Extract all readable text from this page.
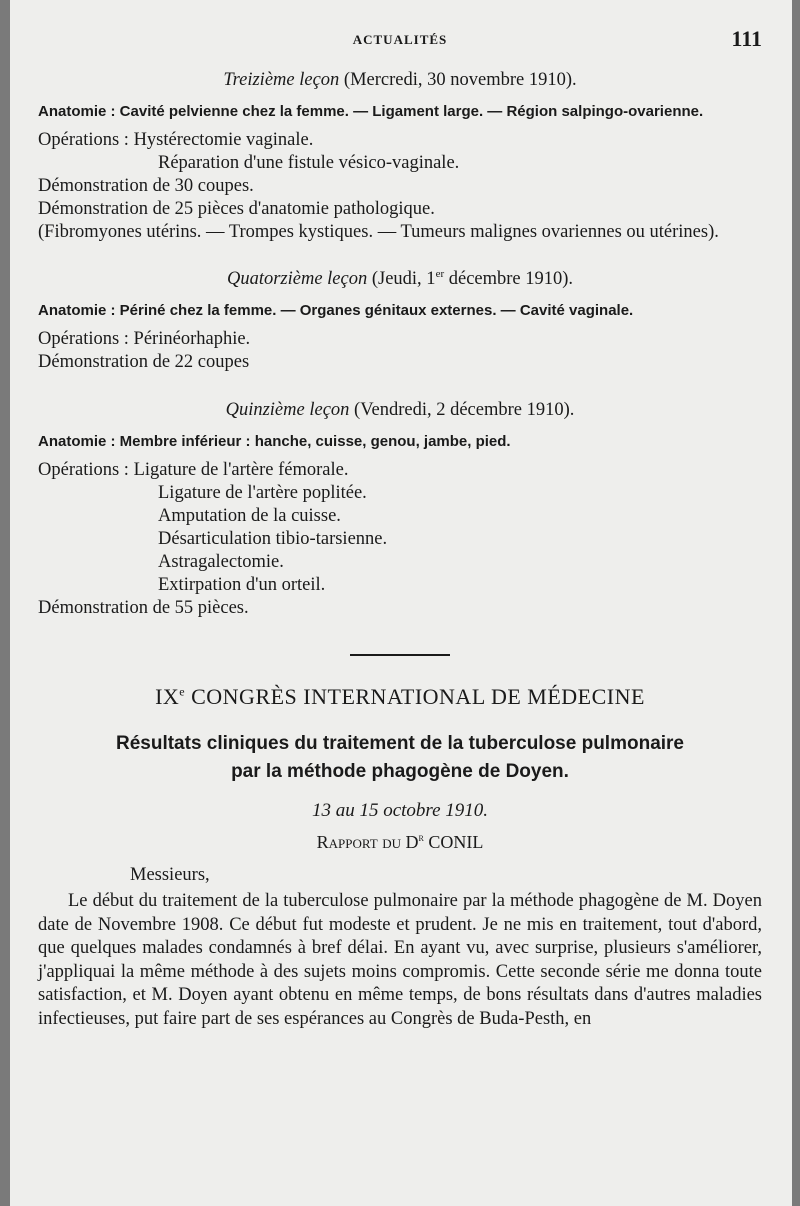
ACTUALITÉS	111
Treizième leçon (Mercredi, 30 novembre 1910).
Anatomie : Cavité pelvienne chez la femme. — Ligament large. — Région salpingo-ovarienne.
Opérations : Hystérectomie vaginale.
Réparation d'une fistule vésico-vaginale.
Démonstration de 30 coupes.
Démonstration de 25 pièces d'anatomie pathologique.
(Fibromyones utérins. — Trompes kystiques. — Tumeurs malignes ovariennes ou utérines).
Quatorzième leçon (Jeudi, 1er décembre 1910).
Anatomie : Périné chez la femme. — Organes génitaux externes. — Cavité vaginale.
Opérations : Périnéorhaphie.
Démonstration de 22 coupes
Quinzième leçon (Vendredi, 2 décembre 1910).
Anatomie : Membre inférieur : hanche, cuisse, genou, jambe, pied.
Opérations : Ligature de l'artère fémorale.
Ligature de l'artère poplitée.
Amputation de la cuisse.
Désarticulation tibio-tarsienne.
Astragalectomie.
Extirpation d'un orteil.
Démonstration de 55 pièces.
IXe CONGRÈS INTERNATIONAL DE MÉDECINE
Résultats cliniques du traitement de la tuberculose pulmonaire
par la méthode phagogène de Doyen.
13 au 15 octobre 1910.
Rapport du $D^r$ CONIL
Messieurs,
Le début du traitement de la tuberculose pulmonaire par la méthode phagogène de M. Doyen date de Novembre 1908. Ce début fut modeste et prudent. Je ne mis en traitement, tout d'abord, que quelques malades condamnés à bref délai. En ayant vu, avec surprise, plusieurs s'améliorer, j'appliquai la même méthode à des sujets moins compromis. Cette seconde série me donna toute satisfaction, et M. Doyen ayant obtenu en même temps, de bons résultats dans d'autres maladies infectieuses, put faire part de ses espérances au Congrès de Buda-Pesth, en
